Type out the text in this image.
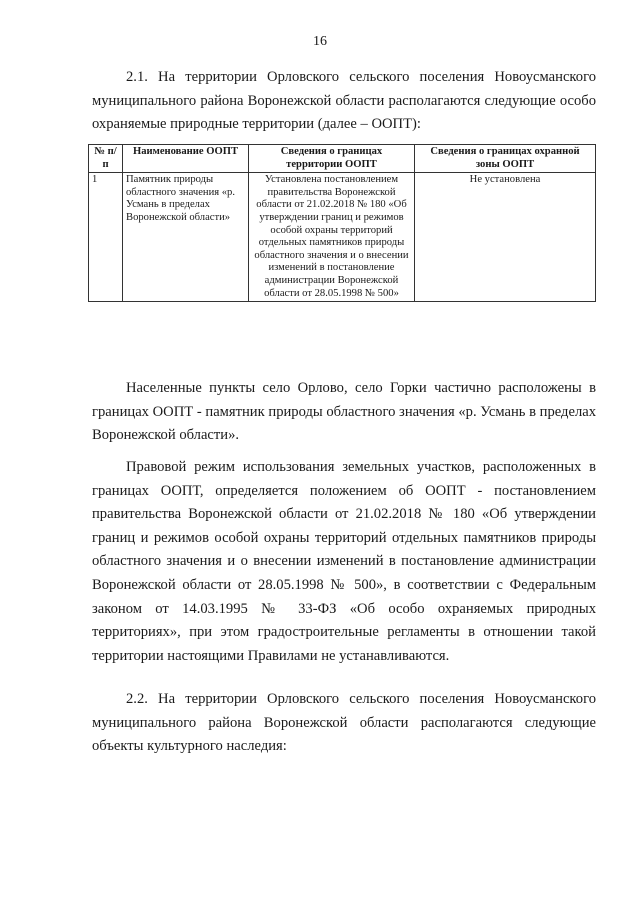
16

2.1. На территории Орловского сельского поселения Новоусманского муниципального района Воронежской области располагаются следующие особо охраняемые природные территории (далее – ООПТ):

№ п/п	Наименование ООПТ	Сведения о границах территории ООПТ	Сведения о границах охранной зоны ООПТ
1	Памятник природы областного значения «р. Усмань в пределах Воронежской области»	Установлена постановлением правительства Воронежской области от 21.02.2018 № 180 «Об утверждении границ и режимов особой охраны территорий отдельных памятников природы областного значения и о внесении изменений в постановление администрации Воронежской области от 28.05.1998 № 500»	Не установлена

Населенные пункты село Орлово, село Горки частично расположены в границах ООПТ - памятник природы областного значения «р. Усмань в пределах Воронежской области».

Правовой режим использования земельных участков, расположенных в границах ООПТ, определяется положением об ООПТ - постановлением правительства Воронежской области от 21.02.2018 № 180 «Об утверждении границ и режимов особой охраны территорий отдельных памятников природы областного значения и о внесении изменений в постановление администрации Воронежской области от 28.05.1998 № 500», в соответствии с Федеральным законом от 14.03.1995 № 33-ФЗ «Об особо охраняемых природных территориях», при этом градостроительные регламенты в отношении такой территории настоящими Правилами не устанавливаются.

2.2. На территории Орловского сельского поселения Новоусманского муниципального района Воронежской области располагаются следующие объекты культурного наследия:
